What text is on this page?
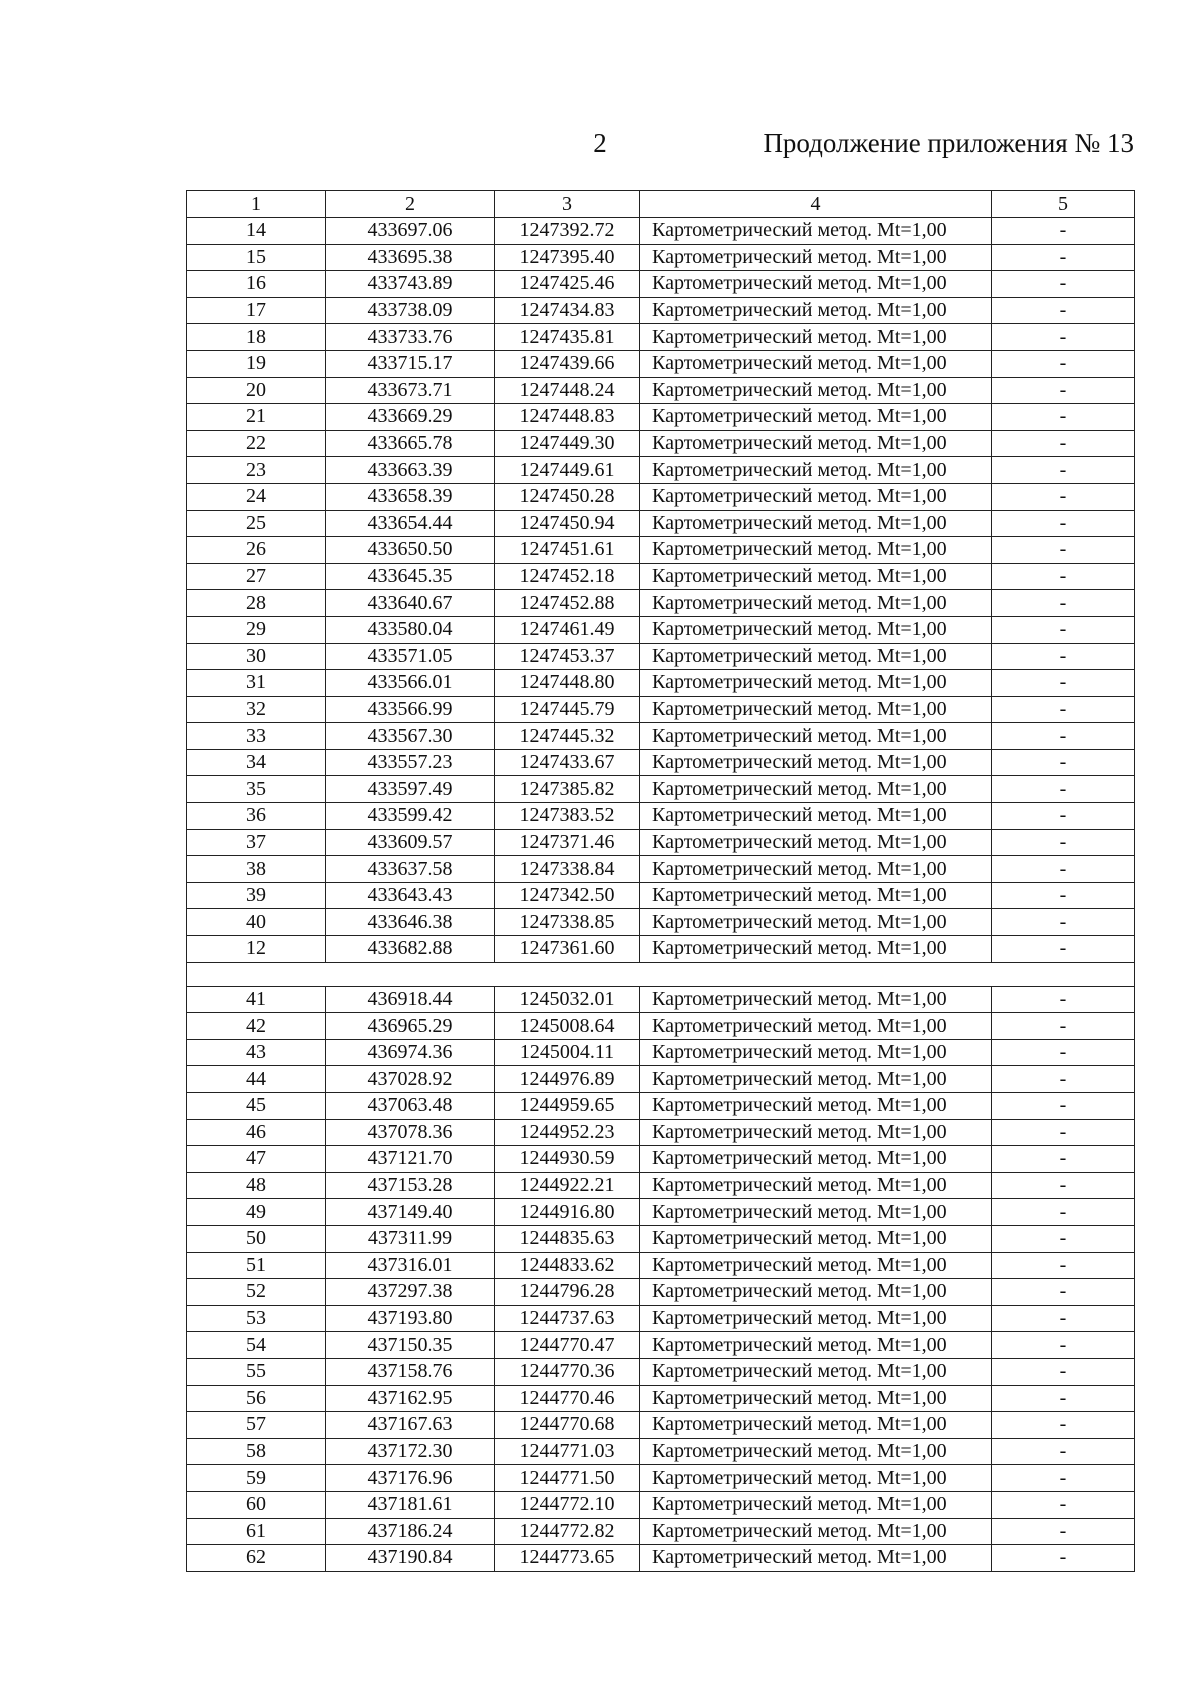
2	Продолжение приложения № 13
1	2	3	4	5
14	433697.06	1247392.72	Картометрический метод. Mt=1,00	-
15	433695.38	1247395.40	Картометрический метод. Mt=1,00	-
16	433743.89	1247425.46	Картометрический метод. Mt=1,00	-
17	433738.09	1247434.83	Картометрический метод. Mt=1,00	-
18	433733.76	1247435.81	Картометрический метод. Mt=1,00	-
19	433715.17	1247439.66	Картометрический метод. Mt=1,00	-
20	433673.71	1247448.24	Картометрический метод. Mt=1,00	-
21	433669.29	1247448.83	Картометрический метод. Mt=1,00	-
22	433665.78	1247449.30	Картометрический метод. Mt=1,00	-
23	433663.39	1247449.61	Картометрический метод. Mt=1,00	-
24	433658.39	1247450.28	Картометрический метод. Mt=1,00	-
25	433654.44	1247450.94	Картометрический метод. Mt=1,00	-
26	433650.50	1247451.61	Картометрический метод. Mt=1,00	-
27	433645.35	1247452.18	Картометрический метод. Mt=1,00	-
28	433640.67	1247452.88	Картометрический метод. Mt=1,00	-
29	433580.04	1247461.49	Картометрический метод. Mt=1,00	-
30	433571.05	1247453.37	Картометрический метод. Mt=1,00	-
31	433566.01	1247448.80	Картометрический метод. Mt=1,00	-
32	433566.99	1247445.79	Картометрический метод. Mt=1,00	-
33	433567.30	1247445.32	Картометрический метод. Mt=1,00	-
34	433557.23	1247433.67	Картометрический метод. Mt=1,00	-
35	433597.49	1247385.82	Картометрический метод. Mt=1,00	-
36	433599.42	1247383.52	Картометрический метод. Mt=1,00	-
37	433609.57	1247371.46	Картометрический метод. Mt=1,00	-
38	433637.58	1247338.84	Картометрический метод. Mt=1,00	-
39	433643.43	1247342.50	Картометрический метод. Mt=1,00	-
40	433646.38	1247338.85	Картометрический метод. Mt=1,00	-
12	433682.88	1247361.60	Картометрический метод. Mt=1,00	-

41	436918.44	1245032.01	Картометрический метод. Mt=1,00	-
42	436965.29	1245008.64	Картометрический метод. Mt=1,00	-
43	436974.36	1245004.11	Картометрический метод. Mt=1,00	-
44	437028.92	1244976.89	Картометрический метод. Mt=1,00	-
45	437063.48	1244959.65	Картометрический метод. Mt=1,00	-
46	437078.36	1244952.23	Картометрический метод. Mt=1,00	-
47	437121.70	1244930.59	Картометрический метод. Mt=1,00	-
48	437153.28	1244922.21	Картометрический метод. Mt=1,00	-
49	437149.40	1244916.80	Картометрический метод. Mt=1,00	-
50	437311.99	1244835.63	Картометрический метод. Mt=1,00	-
51	437316.01	1244833.62	Картометрический метод. Mt=1,00	-
52	437297.38	1244796.28	Картометрический метод. Mt=1,00	-
53	437193.80	1244737.63	Картометрический метод. Mt=1,00	-
54	437150.35	1244770.47	Картометрический метод. Mt=1,00	-
55	437158.76	1244770.36	Картометрический метод. Mt=1,00	-
56	437162.95	1244770.46	Картометрический метод. Mt=1,00	-
57	437167.63	1244770.68	Картометрический метод. Mt=1,00	-
58	437172.30	1244771.03	Картометрический метод. Mt=1,00	-
59	437176.96	1244771.50	Картометрический метод. Mt=1,00	-
60	437181.61	1244772.10	Картометрический метод. Mt=1,00	-
61	437186.24	1244772.82	Картометрический метод. Mt=1,00	-
62	437190.84	1244773.65	Картометрический метод. Mt=1,00	-
